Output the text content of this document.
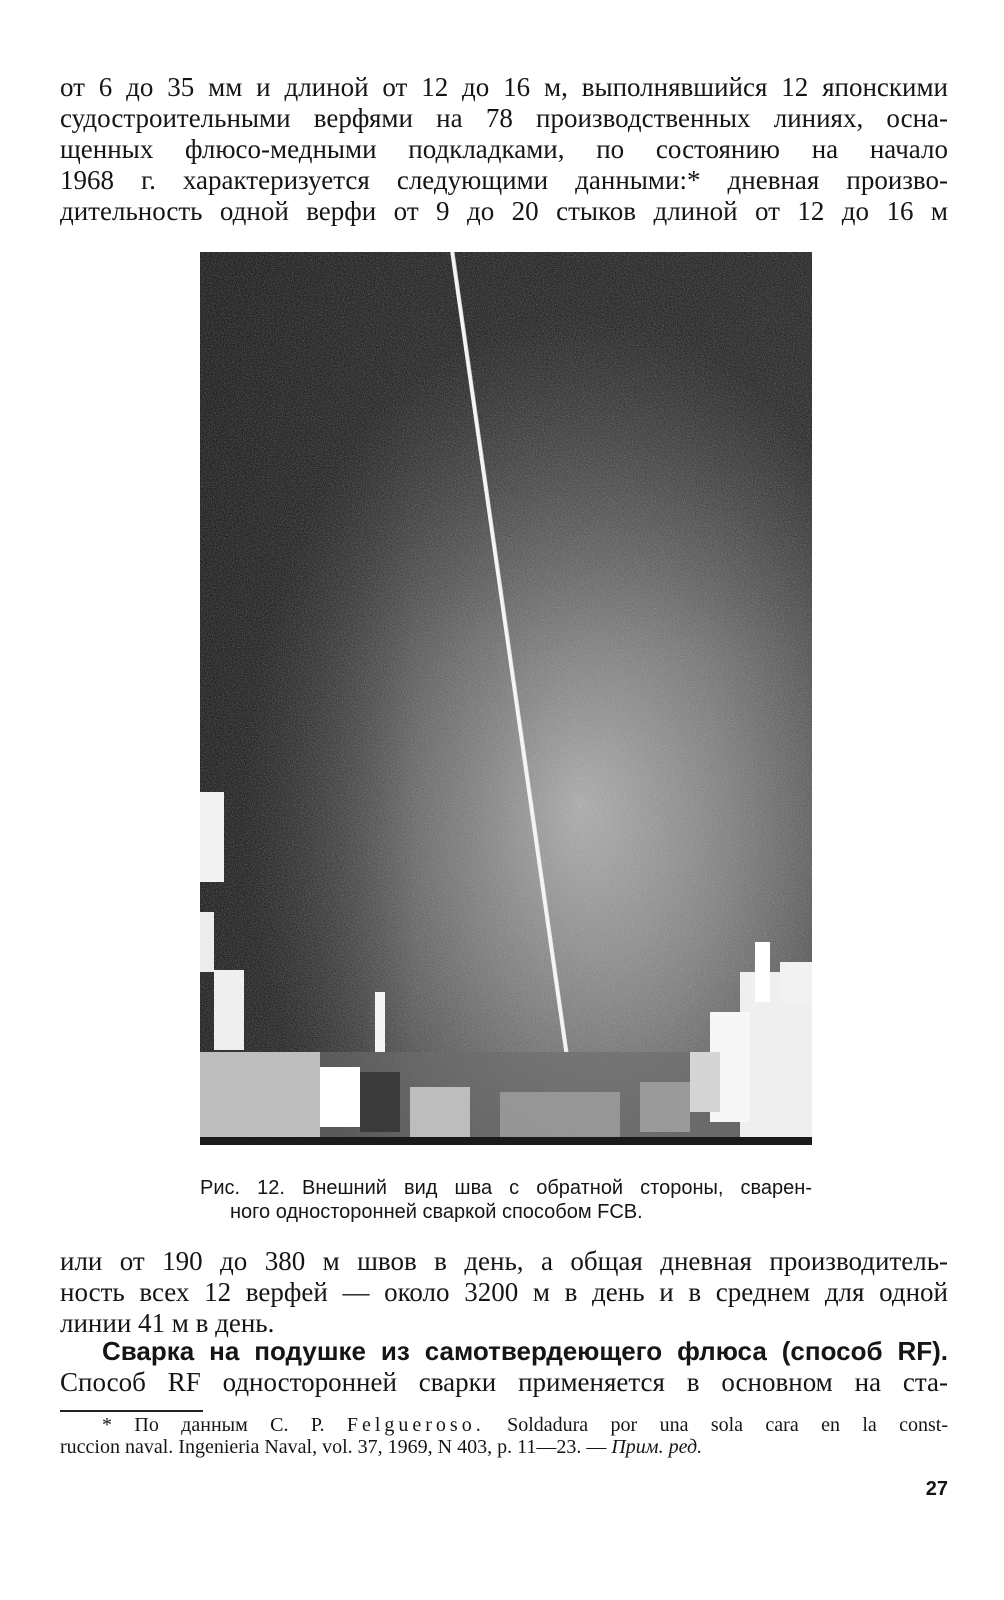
от 6 до 35 мм и длиной от 12 до 16 м, выполнявшийся 12 японскими
судостроительными верфями на 78 производственных линиях, осна-
щенных флюсо-медными подкладками, по состоянию на начало
1968 г. характеризуется следующими данными:* дневная произво-
дительность одной верфи от 9 до 20 стыков длиной от 12 до 16 м
Рис. 12. Внешний вид шва с обратной стороны, сварен-
ного односторонней сваркой способом FCB.
или от 190 до 380 м швов в день, а общая дневная производитель-
ность всех 12 верфей — около 3200 м в день и в среднем для одной
линии 41 м в день.
Сварка на подушке из самотвердеющего флюса (способ RF).
Способ RF односторонней сварки применяется в основном на ста-
* По данным С. Р. Felgueroso. Soldadura por una sola cara en la const-
ruccion naval. Ingenieria Naval, vol. 37, 1969, N 403, p. 11—23. — Прим. ред.
27
